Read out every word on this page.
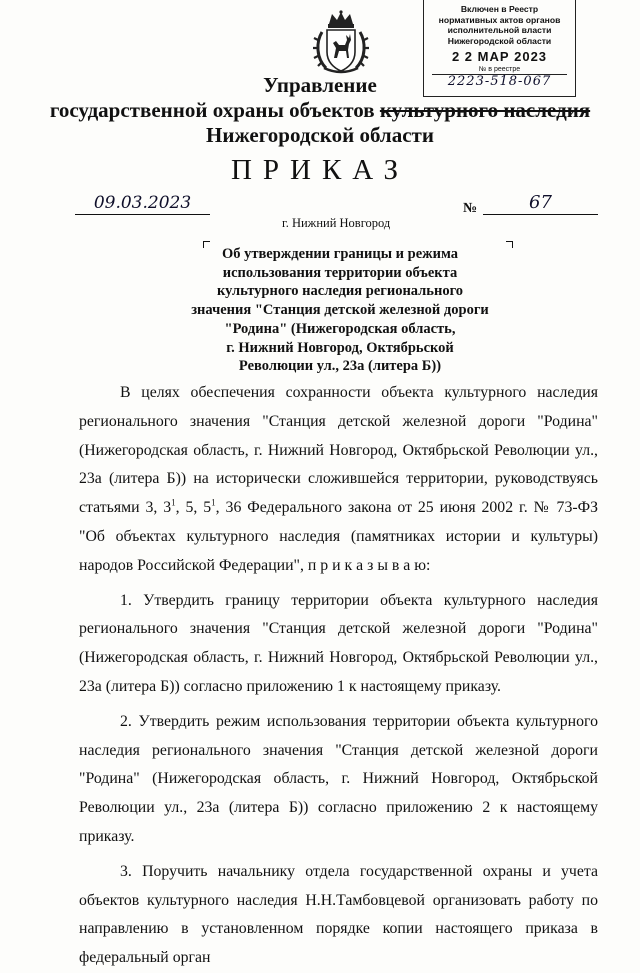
Включен в Реестр
нормативных актов органов
исполнительной власти
Нижегородской области
2 2 МАР 2023
№ в реестре
2223-518-067
Управление
государственной охраны объектов культурного наследия
Нижегородской области
ПРИКАЗ
09.03.2023
г. Нижний Новгород
№	67
Об утверждении границы и режима
использования территории объекта
культурного наследия регионального
значения "Станция детской железной дороги
"Родина" (Нижегородская область,
г. Нижний Новгород, Октябрьской
Революции ул., 23а (литера Б))

В целях обеспечения сохранности объекта культурного наследия регионального значения "Станция детской железной дороги "Родина" (Нижегородская область, г. Нижний Новгород, Октябрьской Революции ул., 23а (литера Б)) на исторически сложившейся территории, руководствуясь статьями 3, $3^1$, 5, $5^1$, 36 Федерального закона от 25 июня 2002 г. № 73-ФЗ "Об объектах культурного наследия (памятниках истории и культуры) народов Российской Федерации", п р и к а з ы в а ю:

1. Утвердить границу территории объекта культурного наследия регионального значения "Станция детской железной дороги "Родина" (Нижегородская область, г. Нижний Новгород, Октябрьской Революции ул., 23а (литера Б)) согласно приложению 1 к настоящему приказу.

2. Утвердить режим использования территории объекта культурного наследия регионального значения "Станция детской железной дороги "Родина" (Нижегородская область, г. Нижний Новгород, Октябрьской Революции ул., 23а (литера Б)) согласно приложению 2 к настоящему приказу.

3. Поручить начальнику отдела государственной охраны и учета объектов культурного наследия Н.Н.Тамбовцевой организовать работу по направлению в установленном порядке копии настоящего приказа в федеральный орган
